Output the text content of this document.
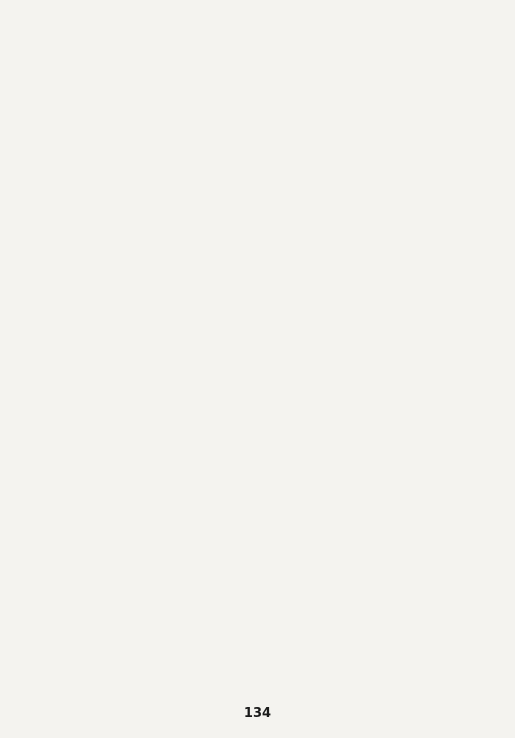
134
